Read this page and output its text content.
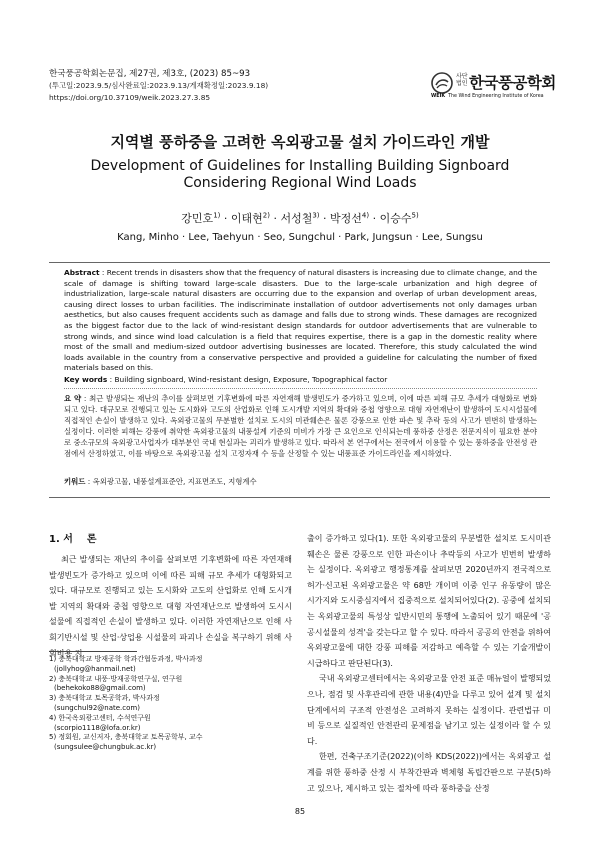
한국풍공학회논문집, 제27권, 제3호, (2023) 85~93
(투고일:2023.9.5/심사완료일:2023.9.13/게재확정일:2023.9.18)
https://doi.org/10.37109/weik.2023.27.3.85
사단
법인 한국풍공학회
WEIK The Wind Engineering Institute of Korea
지역별 풍하중을 고려한 옥외광고물 설치 가이드라인 개발
Development of Guidelines for Installing Building Signboard
Considering Regional Wind Loads
강민호$^{1)}$ · 이태현$^{2)}$ · 서성철$^{3)}$ · 박정선$^{4)}$ · 이승수$^{5)}$
Kang, Minho · Lee, Taehyun · Seo, Sungchul · Park, Jungsun · Lee, Sungsu
Abstract : Recent trends in disasters show that the frequency of natural disasters is increasing due to climate change, and the scale of damage is shifting toward large-scale disasters. Due to the large-scale urbanization and high degree of industrialization, large-scale natural disasters are occurring due to the expansion and overlap of urban development areas, causing direct losses to urban facilities. The indiscriminate installation of outdoor advertisements not only damages urban aesthetics, but also causes frequent accidents such as damage and falls due to strong winds. These damages are recognized as the biggest factor due to the lack of wind-resistant design standards for outdoor advertisements that are vulnerable to strong winds, and since wind load calculation is a field that requires expertise, there is a gap in the domestic reality where most of the small and medium-sized outdoor advertising businesses are located. Therefore, this study calculated the wind loads available in the country from a conservative perspective and provided a guideline for calculating the number of fixed materials based on this.
Key words : Building signboard, Wind-resistant design, Exposure, Topographical factor
요 약 : 최근 발생되는 재난의 추이를 살펴보면 기후변화에 따른 자연재해 발생빈도가 증가하고 있으며, 이에 따른 피해 규모 추세가 대형화로 변화되고 있다. 대규모로 진행되고 있는 도시화와 고도의 산업화로 인해 도시개발 지역의 확대와 중첩 영향으로 대형 자연재난이 발생하여 도시시설물에 직접적인 손실이 발생하고 있다. 옥외광고물의 무분별한 설치로 도시의 미관훼손은 물론 강풍으로 인한 파손 및 추락 등의 사고가 빈번히 발생하는 실정이다. 이러한 피해는 강풍에 취약한 옥외광고물의 내풍설계 기준의 미비가 가장 큰 요인으로 인식되는데 풍하중 산정은 전문지식이 필요한 분야로 중소규모의 옥외광고사업자가 대부분인 국내 현실과는 괴리가 발생하고 있다. 따라서 본 연구에서는 전국에서 이용할 수 있는 풍하중을 안전성 관점에서 산정하였고, 이를 바탕으로 옥외광고물 설치 고정자재 수 등을 산정할 수 있는 내풍표준 가이드라인을 제시하였다.
키워드 : 옥외광고물, 내풍설계표준안, 지표면조도, 지형계수
1. 서    론

최근 발생되는 재난의 추이를 살펴보면 기후변화에 따른 자연재해 발생빈도가 증가하고 있으며 이에 따른 피해 규모 추세가 대형화되고 있다. 대규모로 진행되고 있는 도시화와 고도의 산업화로 인해 도시개발 지역의 확대와 중첩 영향으로 대형 자연재난으로 발생하여 도시시설물에 직접적인 손실이 발생하고 있다. 이러한 자연재난으로 인해 사회기반시설 및 산업·상업용 시설물의 파괴나 손실을 복구하기 위해 사회비용 지

1) 충북대학교 방재공학 학과간협동과정, 박사과정
(jollyhog@hanmail.net)
2) 충북대학교 내풍·방재공학연구실, 연구원
(behekoko88@gmail.com)
3) 충북대학교 토목공학과, 박사과정
(sungchul92@nate.com)
4) 한국옥외광고센터, 수석연구원
(scorpio1118@lofa.or.kr)
5) 정회원, 교신저자, 충북대학교 토목공학부, 교수
(sungsulee@chungbuk.ac.kr)

출이 증가하고 있다(1). 또한 옥외광고물의 무분별한 설치로 도시미관 훼손은 물론 강풍으로 인한 파손이나 추락등의 사고가 빈번히 발생하는 실정이다. 옥외광고 행정통계를 살펴보면 2020년까지 전국적으로 허가·신고된 옥외광고물은 약 68만 개이며 이중 인구 유동량이 많은 시가지와 도시중심지에서 집중적으로 설치되어있다(2). 공중에 설치되는 옥외광고물의 특성상 일반시민의 통행에 노출되어 있기 때문에 '공공시설물의 성격'을 갖는다고 할 수 있다. 따라서 공공의 안전을 위하여 옥외광고물에 대한 강풍 피해를 저감하고 예측할 수 있는 기술개발이 시급하다고 판단된다(3).

국내 옥외광고센터에서는 옥외광고물 안전 표준 매뉴얼이 발행되었으나, 점검 및 사후관리에 관한 내용(4)만을 다루고 있어 설계 및 설치단계에서의 구조적 안전성은 고려하지 못하는 실정이다. 관련법규 미비 등으로 실질적인 안전관리 문제점을 남기고 있는 실정이라 할 수 있다.

한편, 건축구조기준(2022)(이하 KDS(2022))에서는 옥외광고 설계를 위한 풍하중 산정 시 부착간판과 벽체형 독립간판으로 구분(5)하고 있으나, 제시하고 있는 절차에 따라 풍하중을 산정

85
